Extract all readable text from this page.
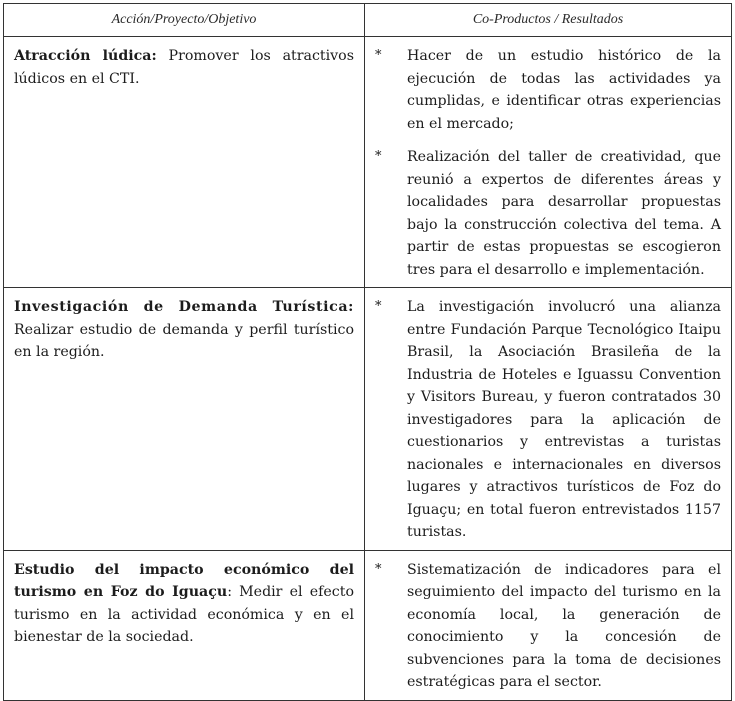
Acción/Proyecto/Objetivo	Co-Productos / Resultados
Atracción lúdica: Promover los atractivos lúdicos en el CTI.	* Hacer de un estudio histórico de la ejecución de todas las actividades ya cumplidas, e identificar otras experiencias en el mercado;
* Realización del taller de creatividad, que reunió a expertos de diferentes áreas y localidades para desarrollar propuestas bajo la construcción colectiva del tema. A partir de estas propuestas se escogieron tres para el desarrollo e implementación.

Investigación de Demanda Turística: Realizar estudio de demanda y perfil turístico en la región.	* La investigación involucró una alianza entre Fundación Parque Tecnológico Itaipu Brasil, la Asociación Brasileña de la Industria de Hoteles e Iguassu Convention y Visitors Bureau, y fueron contratados 30 investigadores para la aplicación de cuestionarios y entrevistas a turistas nacionales e internacionales en diversos lugares y atractivos turísticos de Foz do Iguaçu; en total fueron entrevistados 1157 turistas.

Estudio del impacto económico del turismo en Foz do Iguaçu: Medir el efecto turismo en la actividad económica y en el bienestar de la sociedad.	* Sistematización de indicadores para el seguimiento del impacto del turismo en la economía local, la generación de conocimiento y la concesión de subvenciones para la toma de decisiones estratégicas para el sector.
